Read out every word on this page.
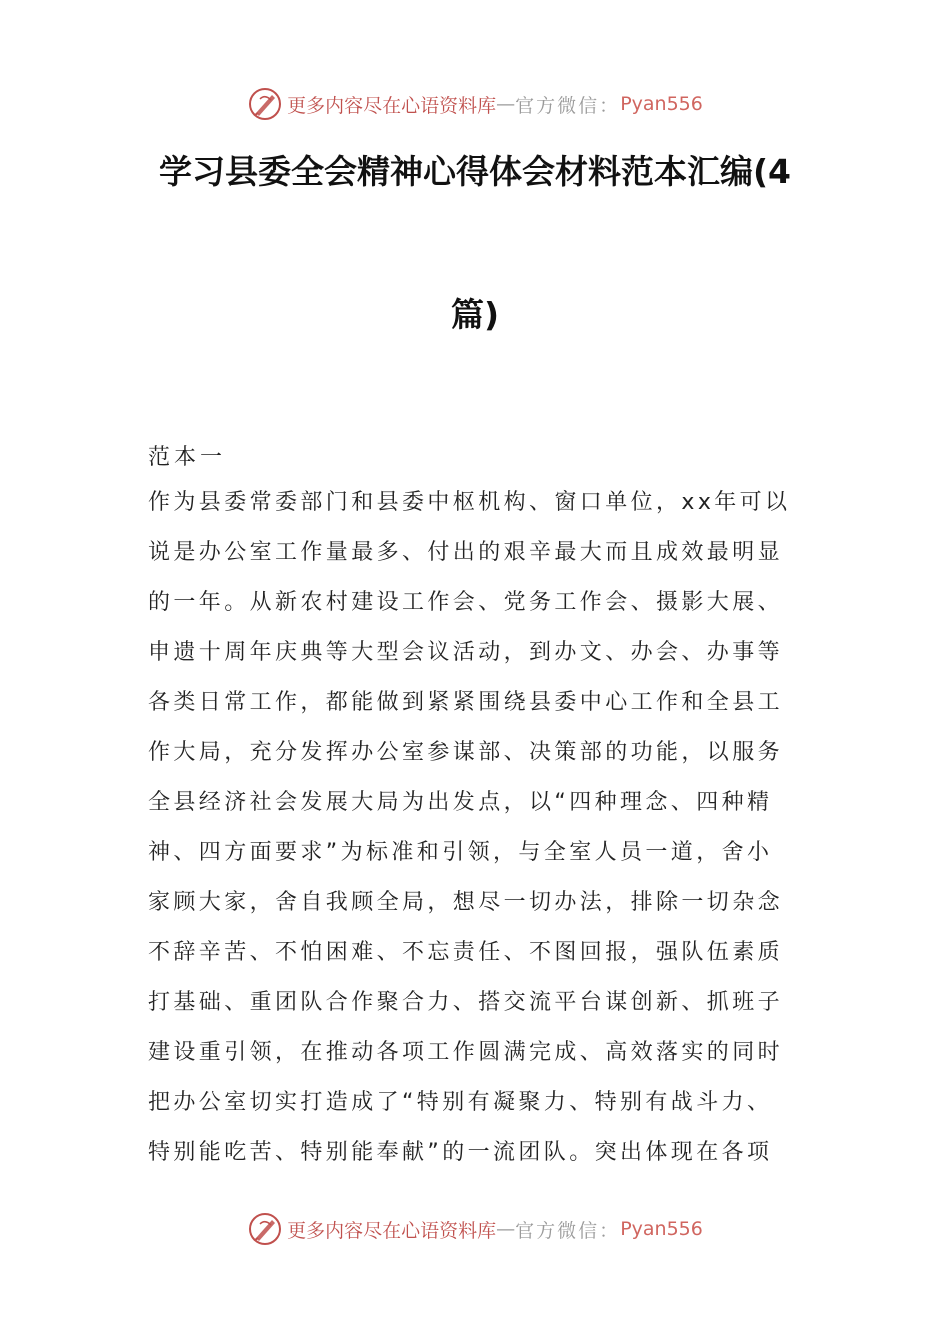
更多内容尽在心语资料库 — 官方微信： Pyan556
学习县委全会精神心得体会材料范本汇编(4
篇)
范本一
作为县委常委部门和县委中枢机构、窗口单位，xx年可以
说是办公室工作量最多、付出的艰辛最大而且成效最明显
的一年。从新农村建设工作会、党务工作会、摄影大展、
申遗十周年庆典等大型会议活动，到办文、办会、办事等
各类日常工作，都能做到紧紧围绕县委中心工作和全县工
作大局，充分发挥办公室参谋部、决策部的功能，以服务
全县经济社会发展大局为出发点，以“四种理念、四种精
神、四方面要求”为标准和引领，与全室人员一道，舍小
家顾大家，舍自我顾全局，想尽一切办法，排除一切杂念
不辞辛苦、不怕困难、不忘责任、不图回报，强队伍素质
打基础、重团队合作聚合力、搭交流平台谋创新、抓班子
建设重引领，在推动各项工作圆满完成、高效落实的同时
把办公室切实打造成了“特别有凝聚力、特别有战斗力、
特别能吃苦、特别能奉献”的一流团队。突出体现在各项
更多内容尽在心语资料库 — 官方微信： Pyan556
